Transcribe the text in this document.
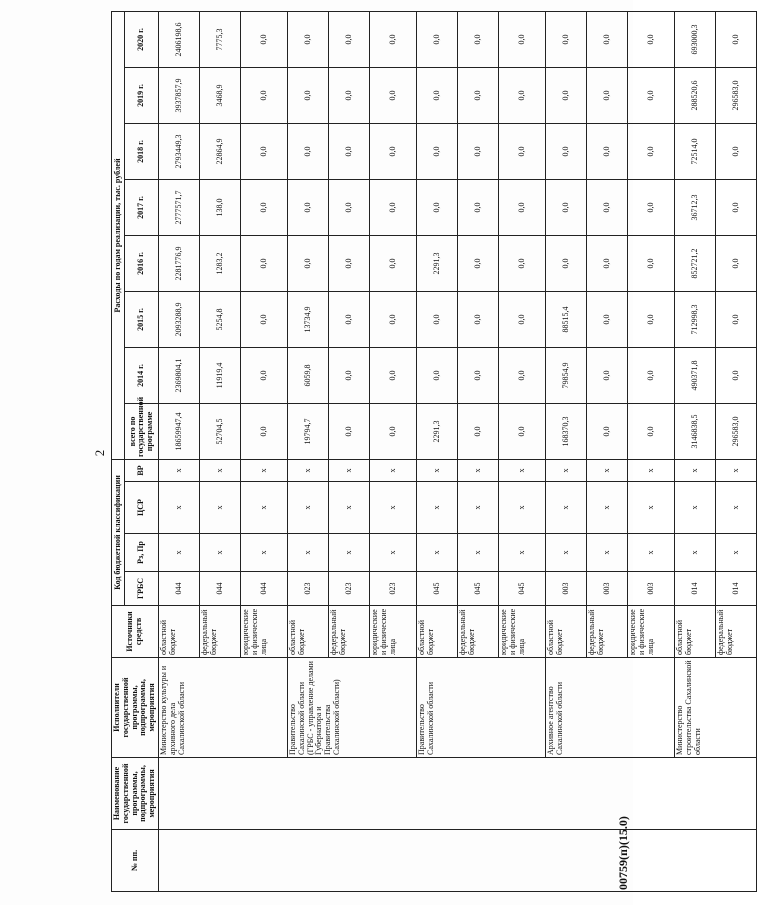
2
№ пп.	Наименование государственной программы, подпрограммы, мероприятия	Исполнители государственной программы, подпрограммы, мероприятия	Источники средств	Код бюджетной классификации				Расходы по годам реализации, тыс. рублей							
				ГРБС	Рз, Пр	ЦСР	ВР	всего по государственной программе	2014 г.	2015 г.	2016 г.	2017 г.	2018 г.	2019 г.	2020 г.
		Министерство культуры и архивного дела Сахалинской области	областной бюджет	044	х	х	х	18659947,4	2369804,1	2093288,9	2281776,9	2777571,7	2793449,3	3937857,9	2406198,6
			федеральный бюджет	044	х	х	х	52704,5	11919,4	5254,8	1283,2	138,0	22864,9	3468,9	7775,3
			юридические и физические лица	044	х	х	х	0,0	0,0	0,0	0,0	0,0	0,0	0,0	0,0
		Правительство Сахалинской области (ГРБС - управление делами Губернатора и Правительства Сахалинской области)	областной бюджет	023	х	х	х	19794,7	6059,8	13734,9	0,0	0,0	0,0	0,0	0,0
			федеральный бюджет	023	х	х	х	0,0	0,0	0,0	0,0	0,0	0,0	0,0	0,0
			юридические и физические лица	023	х	х	х	0,0	0,0	0,0	0,0	0,0	0,0	0,0	0,0
		Правительство Сахалинской области	областной бюджет	045	х	х	х	2291,3	0,0	0,0	2291,3	0,0	0,0	0,0	0,0
			федеральный бюджет	045	х	х	х	0,0	0,0	0,0	0,0	0,0	0,0	0,0	0,0
			юридические и физические лица	045	х	х	х	0,0	0,0	0,0	0,0	0,0	0,0	0,0	0,0
		Архивное агентство Сахалинской области	областной бюджет	003	х	х	х	168370,3	79854,9	88515,4	0,0	0,0	0,0	0,0	0,0
			федеральный бюджет	003	х	х	х	0,0	0,0	0,0	0,0	0,0	0,0	0,0	0,0
			юридические и физические лица	003	х	х	х	0,0	0,0	0,0	0,0	0,0	0,0	0,0	0,0
		Министерство строительства Сахалинской области	областной бюджет	014	х	х	х	3146838,5	490371,8	712998,3	852721,2	36712,3	72514,0	288520,6	693000,3
			федеральный бюджет	014	х	х	х	296583,0	0,0	0,0	0,0	0,0	0,0	296583,0	0,0
00759(п)(15.0)
